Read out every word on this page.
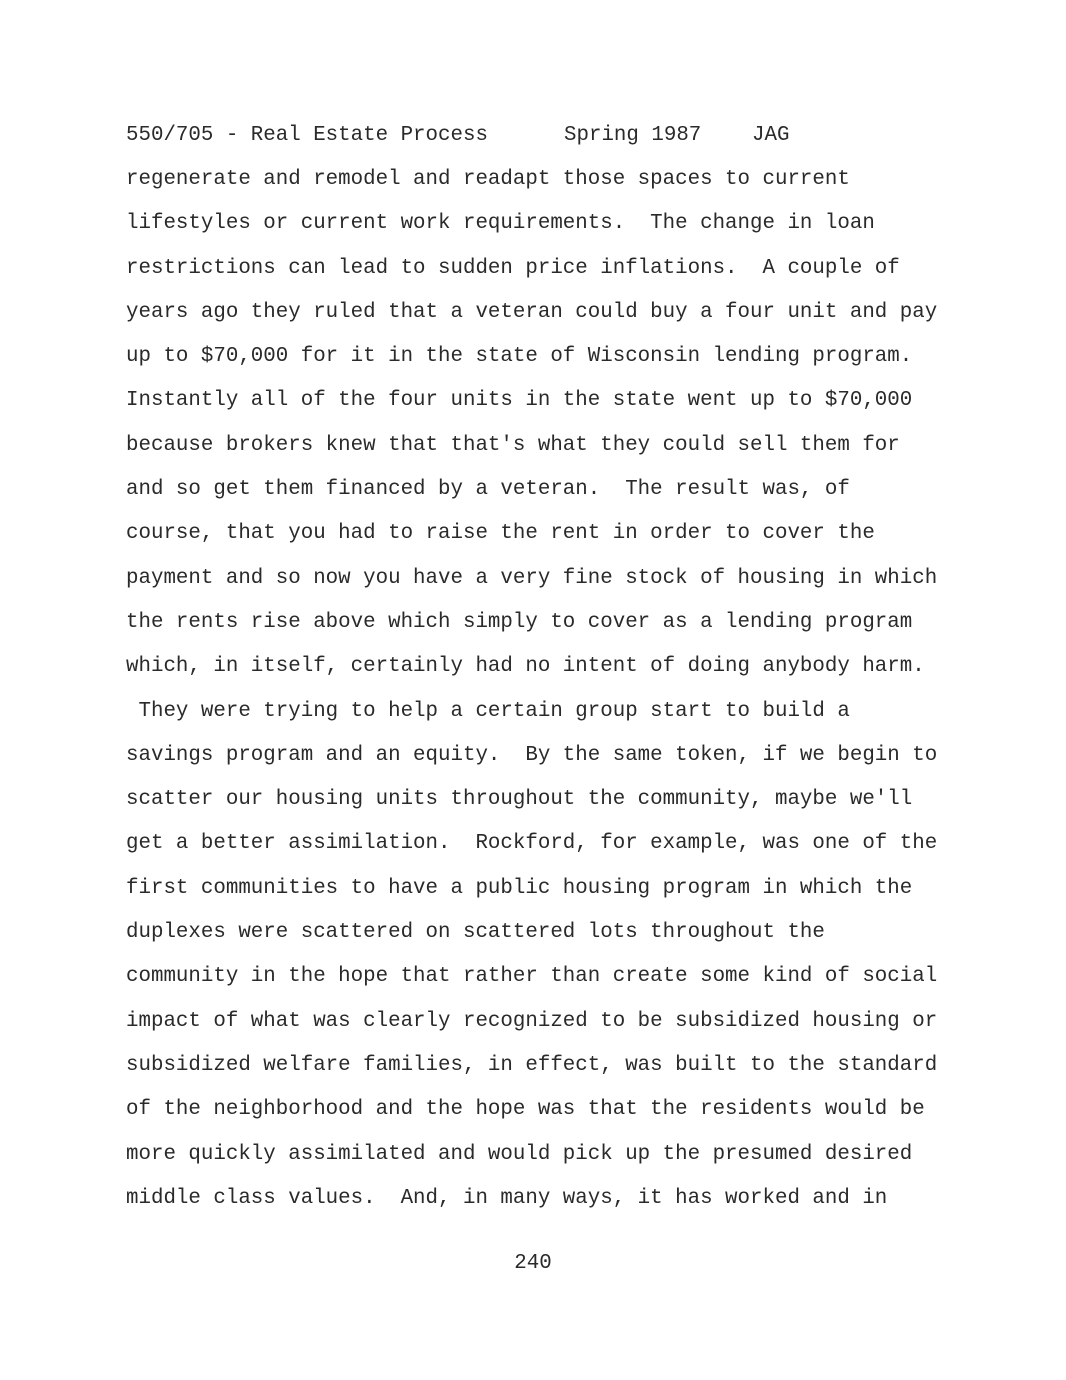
550/705 - Real Estate Process

	Spring 1987

JAG

regenerate and remodel and readapt those spaces to current
lifestyles or current work requirements.  The change in loan
restrictions can lead to sudden price inflations.  A couple of
years ago they ruled that a veteran could buy a four unit and pay
up to $70,000 for it in the state of Wisconsin lending program.
Instantly all of the four units in the state went up to $70,000
because brokers knew that that's what they could sell them for
and so get them financed by a veteran.  The result was, of
course, that you had to raise the rent in order to cover the
payment and so now you have a very fine stock of housing in which
the rents rise above which simply to cover as a lending program
which, in itself, certainly had no intent of doing anybody harm.
They were trying to help a certain group start to build a
savings program and an equity.  By the same token, if we begin to
scatter our housing units throughout the community, maybe we'll
get a better assimilation.  Rockford, for example, was one of the
first communities to have a public housing program in which the
duplexes were scattered on scattered lots throughout the
community in the hope that rather than create some kind of social
impact of what was clearly recognized to be subsidized housing or
subsidized welfare families, in effect, was built to the standard
of the neighborhood and the hope was that the residents would be
more quickly assimilated and would pick up the presumed desired
middle class values.  And, in many ways, it has worked and in
240
